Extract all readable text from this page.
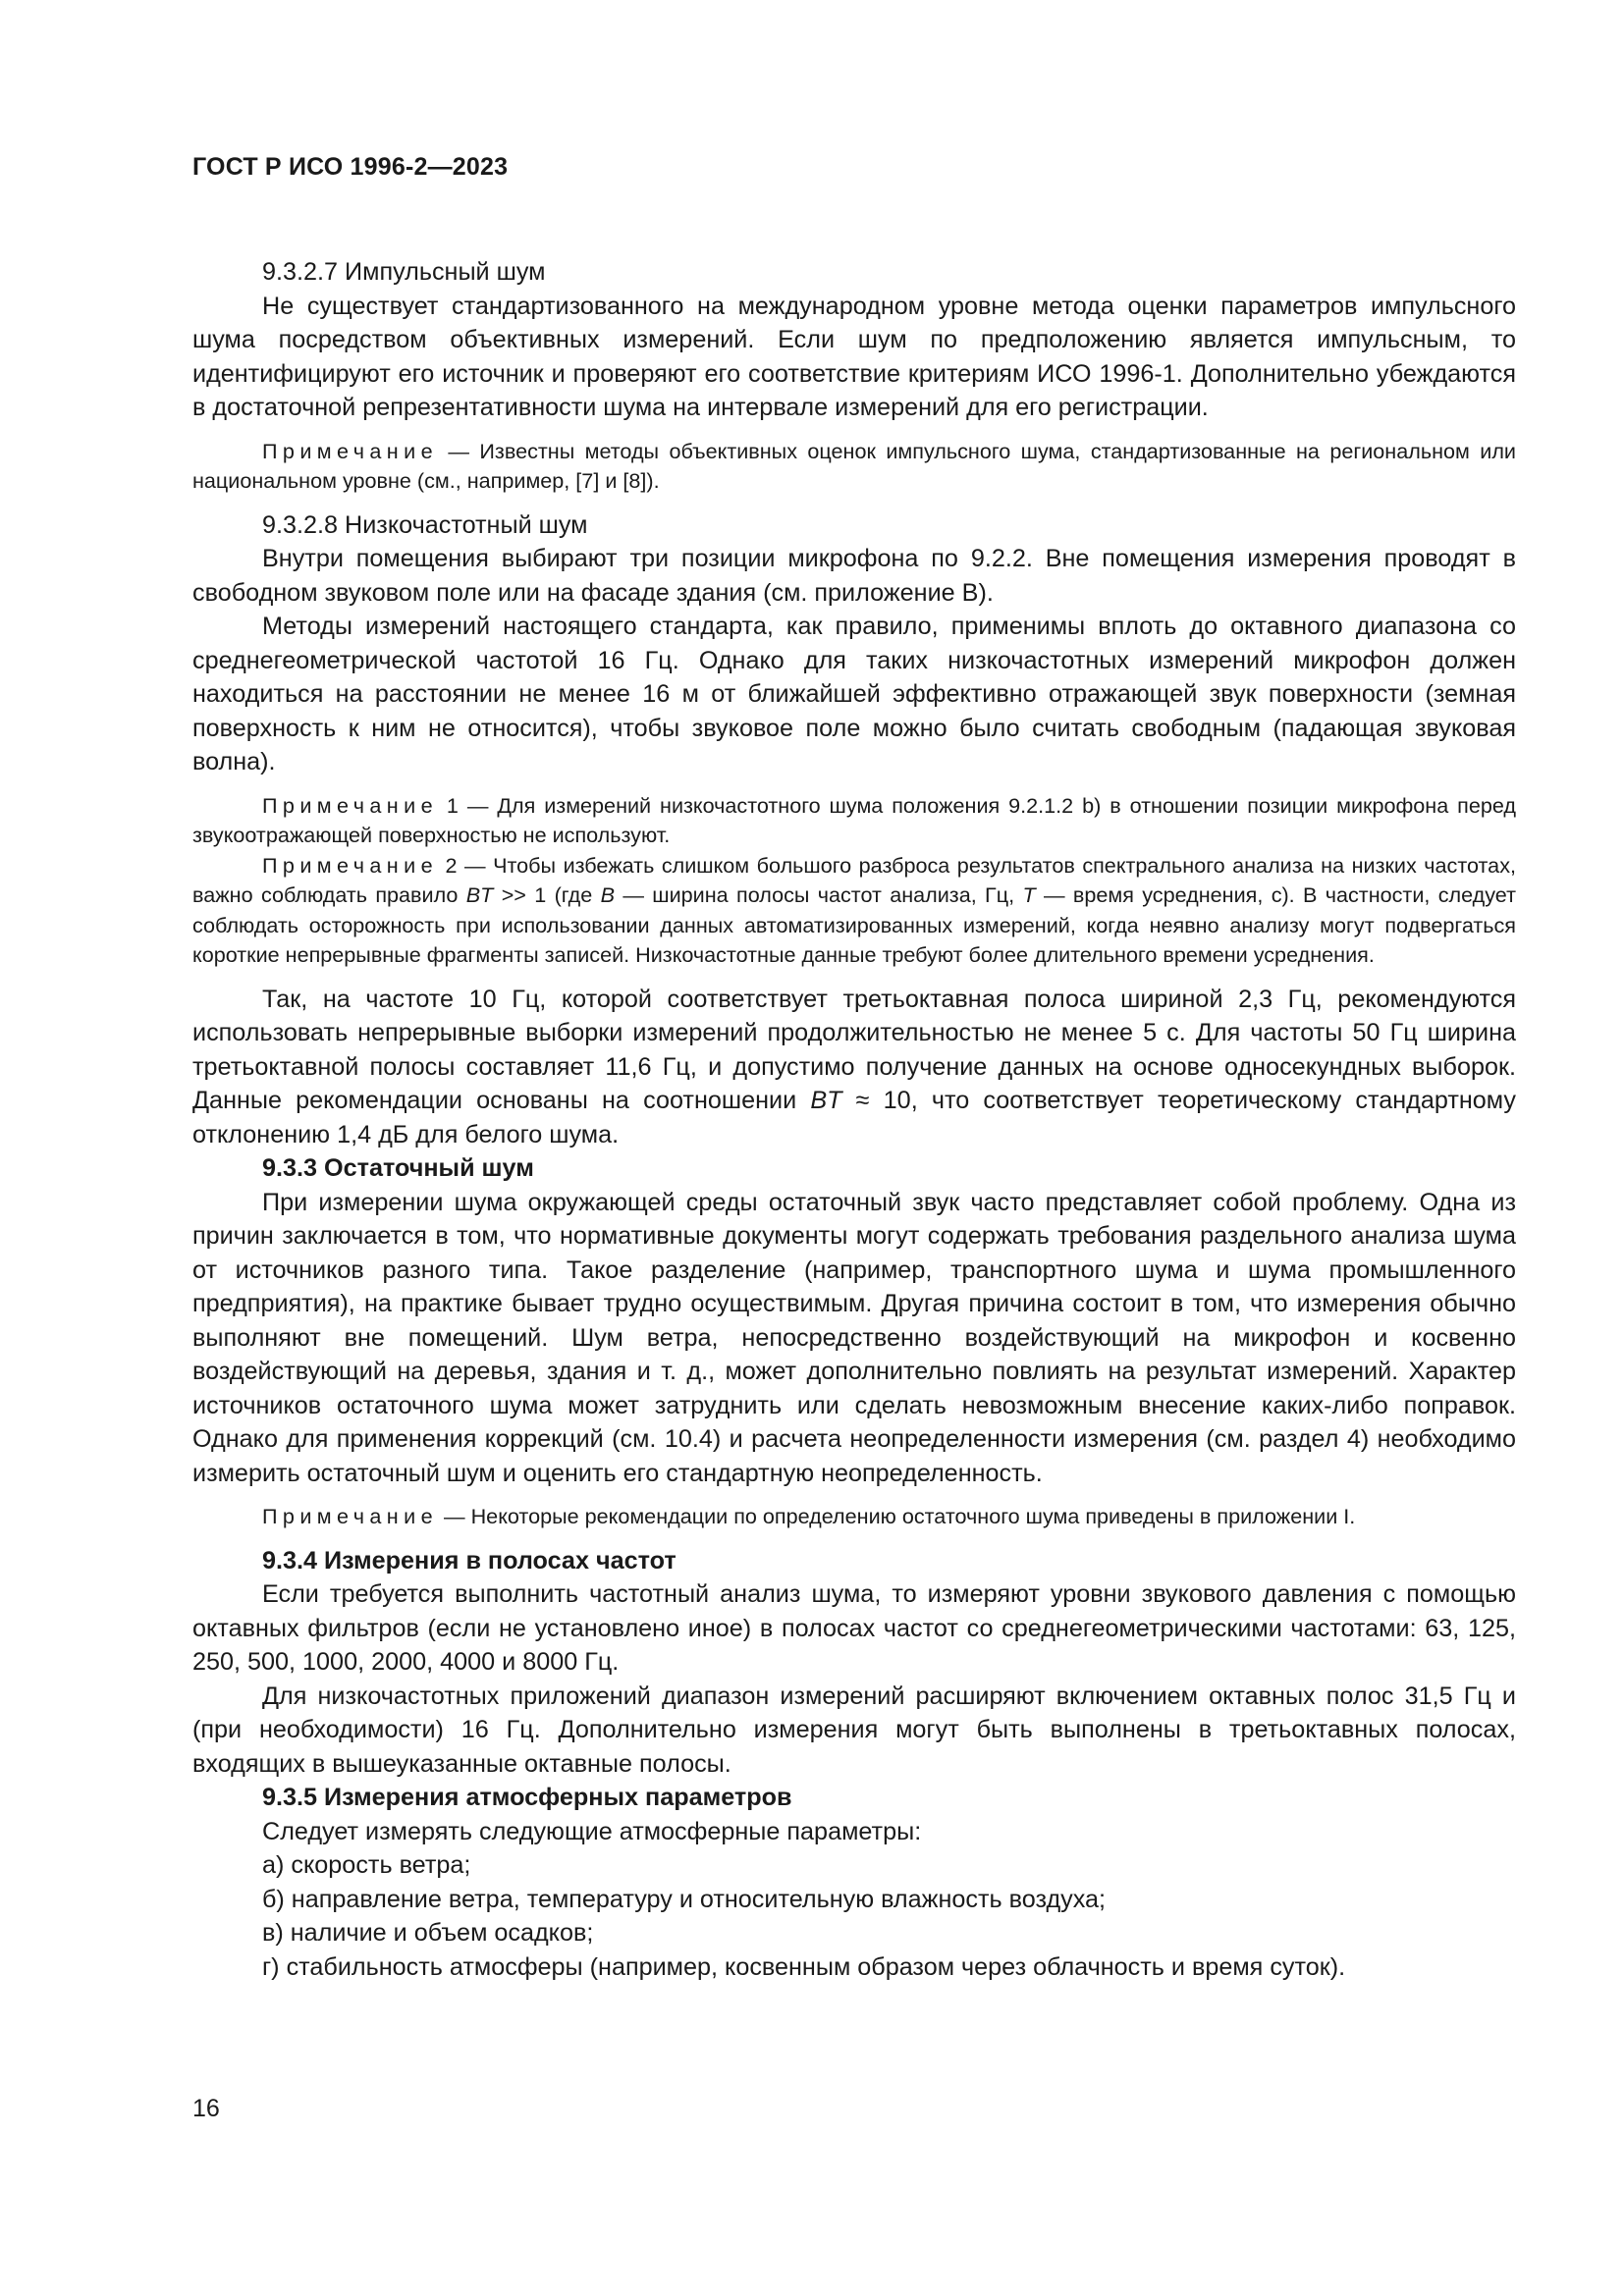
ГОСТ Р ИСО 1996-2—2023

9.3.2.7 Импульсный шум

Не существует стандартизованного на международном уровне метода оценки параметров импульсного шума посредством объективных измерений. Если шум по предположению является импульсным, то идентифицируют его источник и проверяют его соответствие критериям ИСО 1996-1. Дополнительно убеждаются в достаточной репрезентативности шума на интервале измерений для его регистрации.

Примечание — Известны методы объективных оценок импульсного шума, стандартизованные на региональном или национальном уровне (см., например, [7] и [8]).

9.3.2.8 Низкочастотный шум

Внутри помещения выбирают три позиции микрофона по 9.2.2. Вне помещения измерения проводят в свободном звуковом поле или на фасаде здания (см. приложение В).

Методы измерений настоящего стандарта, как правило, применимы вплоть до октавного диапазона со среднегеометрической частотой 16 Гц. Однако для таких низкочастотных измерений микрофон должен находиться на расстоянии не менее 16 м от ближайшей эффективно отражающей звук поверхности (земная поверхность к ним не относится), чтобы звуковое поле можно было считать свободным (падающая звуковая волна).

Примечание 1 — Для измерений низкочастотного шума положения 9.2.1.2 b) в отношении позиции микрофона перед звукоотражающей поверхностью не используют.

Примечание 2 — Чтобы избежать слишком большого разброса результатов спектрального анализа на низких частотах, важно соблюдать правило BT >> 1 (где B — ширина полосы частот анализа, Гц, T — время усреднения, с). В частности, следует соблюдать осторожность при использовании данных автоматизированных измерений, когда неявно анализу могут подвергаться короткие непрерывные фрагменты записей. Низкочастотные данные требуют более длительного времени усреднения.

Так, на частоте 10 Гц, которой соответствует третьоктавная полоса шириной 2,3 Гц, рекомендуются использовать непрерывные выборки измерений продолжительностью не менее 5 с. Для частоты 50 Гц ширина третьоктавной полосы составляет 11,6 Гц, и допустимо получение данных на основе односекундных выборок. Данные рекомендации основаны на соотношении BT ≈ 10, что соответствует теоретическому стандартному отклонению 1,4 дБ для белого шума.

9.3.3 Остаточный шум

При измерении шума окружающей среды остаточный звук часто представляет собой проблему. Одна из причин заключается в том, что нормативные документы могут содержать требования раздельного анализа шума от источников разного типа. Такое разделение (например, транспортного шума и шума промышленного предприятия), на практике бывает трудно осуществимым. Другая причина состоит в том, что измерения обычно выполняют вне помещений. Шум ветра, непосредственно воздействующий на микрофон и косвенно воздействующий на деревья, здания и т. д., может дополнительно повлиять на результат измерений. Характер источников остаточного шума может затруднить или сделать невозможным внесение каких-либо поправок. Однако для применения коррекций (см. 10.4) и расчета неопределенности измерения (см. раздел 4) необходимо измерить остаточный шум и оценить его стандартную неопределенность.

Примечание — Некоторые рекомендации по определению остаточного шума приведены в приложении I.

9.3.4 Измерения в полосах частот

Если требуется выполнить частотный анализ шума, то измеряют уровни звукового давления с помощью октавных фильтров (если не установлено иное) в полосах частот со среднегеометрическими частотами: 63, 125, 250, 500, 1000, 2000, 4000 и 8000 Гц.

Для низкочастотных приложений диапазон измерений расширяют включением октавных полос 31,5 Гц и (при необходимости) 16 Гц. Дополнительно измерения могут быть выполнены в третьоктавных полосах, входящих в вышеуказанные октавные полосы.

9.3.5 Измерения атмосферных параметров

Следует измерять следующие атмосферные параметры:

а) скорость ветра;

б) направление ветра, температуру и относительную влажность воздуха;

в) наличие и объем осадков;

г) стабильность атмосферы (например, косвенным образом через облачность и время суток).

16
